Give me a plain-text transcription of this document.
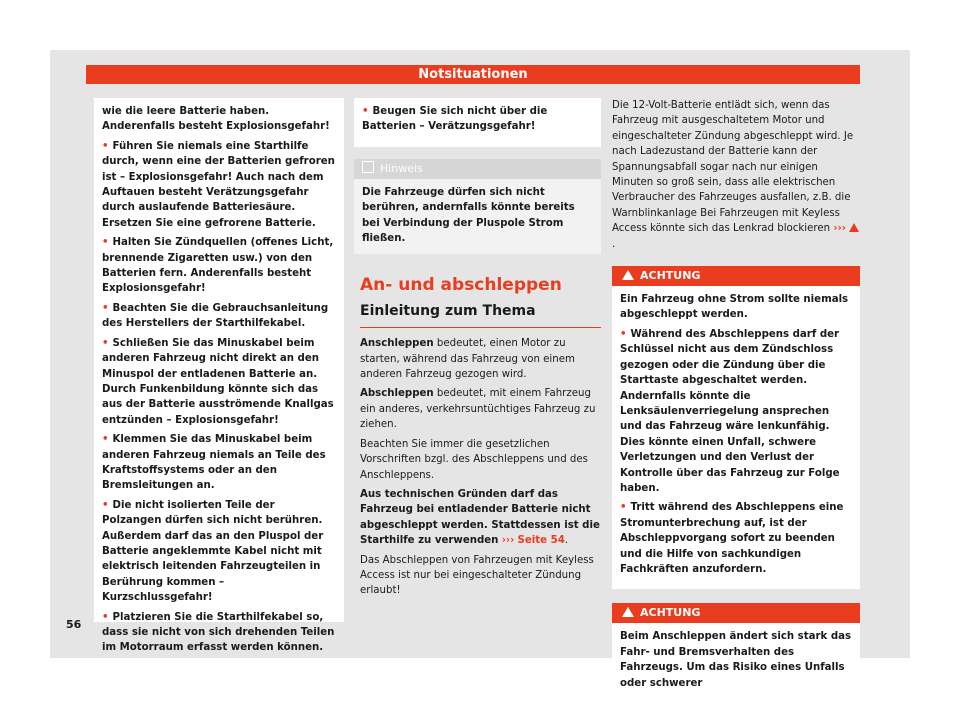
Notsituationen

wie die leere Batterie haben. Anderenfalls besteht Explosionsgefahr!

• Führen Sie niemals eine Starthilfe durch, wenn eine der Batterien gefroren ist – Explosionsgefahr! Auch nach dem Auftauen besteht Verätzungsgefahr durch auslaufende Batteriesäure. Ersetzen Sie eine gefrorene Batterie.

• Halten Sie Zündquellen (offenes Licht, brennende Zigaretten usw.) von den Batterien fern. Anderenfalls besteht Explosionsgefahr!

• Beachten Sie die Gebrauchsanleitung des Herstellers der Starthilfekabel.

• Schließen Sie das Minuskabel beim anderen Fahrzeug nicht direkt an den Minuspol der entladenen Batterie an. Durch Funkenbildung könnte sich das aus der Batterie ausströmende Knallgas entzünden – Explosionsgefahr!

• Klemmen Sie das Minuskabel beim anderen Fahrzeug niemals an Teile des Kraftstoffsystems oder an den Bremsleitungen an.

• Die nicht isolierten Teile der Polzangen dürfen sich nicht berühren. Außerdem darf das an den Pluspol der Batterie angeklemmte Kabel nicht mit elektrisch leitenden Fahrzeugteilen in Berührung kommen – Kurzschlussgefahr!

• Platzieren Sie die Starthilfekabel so, dass sie nicht von sich drehenden Teilen im Motorraum erfasst werden können.

• Beugen Sie sich nicht über die Batterien – Verätzungsgefahr!

Hinweis
Die Fahrzeuge dürfen sich nicht berühren, andernfalls könnte bereits bei Verbindung der Pluspole Strom fließen.
An- und abschleppen
Einleitung zum Thema

Anschleppen bedeutet, einen Motor zu starten, während das Fahrzeug von einem anderen Fahrzeug gezogen wird.

Abschleppen bedeutet, mit einem Fahrzeug ein anderes, verkehrsuntüchtiges Fahrzeug zu ziehen.

Beachten Sie immer die gesetzlichen Vorschriften bzgl. des Abschleppens und des Anschleppens.

Aus technischen Gründen darf das Fahrzeug bei entladender Batterie nicht abgeschleppt werden. Stattdessen ist die Starthilfe zu verwenden ››› Seite 54.

Das Abschleppen von Fahrzeugen mit Keyless Access ist nur bei eingeschalteter Zündung erlaubt!

Die 12-Volt-Batterie entlädt sich, wenn das Fahrzeug mit ausgeschaltetem Motor und eingeschalteter Zündung abgeschleppt wird. Je nach Ladezustand der Batterie kann der Spannungsabfall sogar nach nur einigen Minuten so groß sein, dass alle elektrischen Verbraucher des Fahrzeuges ausfallen, z.B. die Warnblinkanlage Bei Fahrzeugen mit Keyless Access könnte sich das Lenkrad blockieren ››› .

ACHTUNG

Ein Fahrzeug ohne Strom sollte niemals abgeschleppt werden.

• Während des Abschleppens darf der Schlüssel nicht aus dem Zündschloss gezogen oder die Zündung über die Starttaste abgeschaltet werden. Andernfalls könnte die Lenksäulenverriegelung ansprechen und das Fahrzeug wäre lenkunfähig. Dies könnte einen Unfall, schwere Verletzungen und den Verlust der Kontrolle über das Fahrzeug zur Folge haben.

• Tritt während des Abschleppens eine Stromunterbrechung auf, ist der Abschleppvorgang sofort zu beenden und die Hilfe von sachkundigen Fachkräften anzufordern.

ACHTUNG
Beim Anschleppen ändert sich stark das Fahr- und Bremsverhalten des Fahrzeugs. Um das Risiko eines Unfalls oder schwerer
56
